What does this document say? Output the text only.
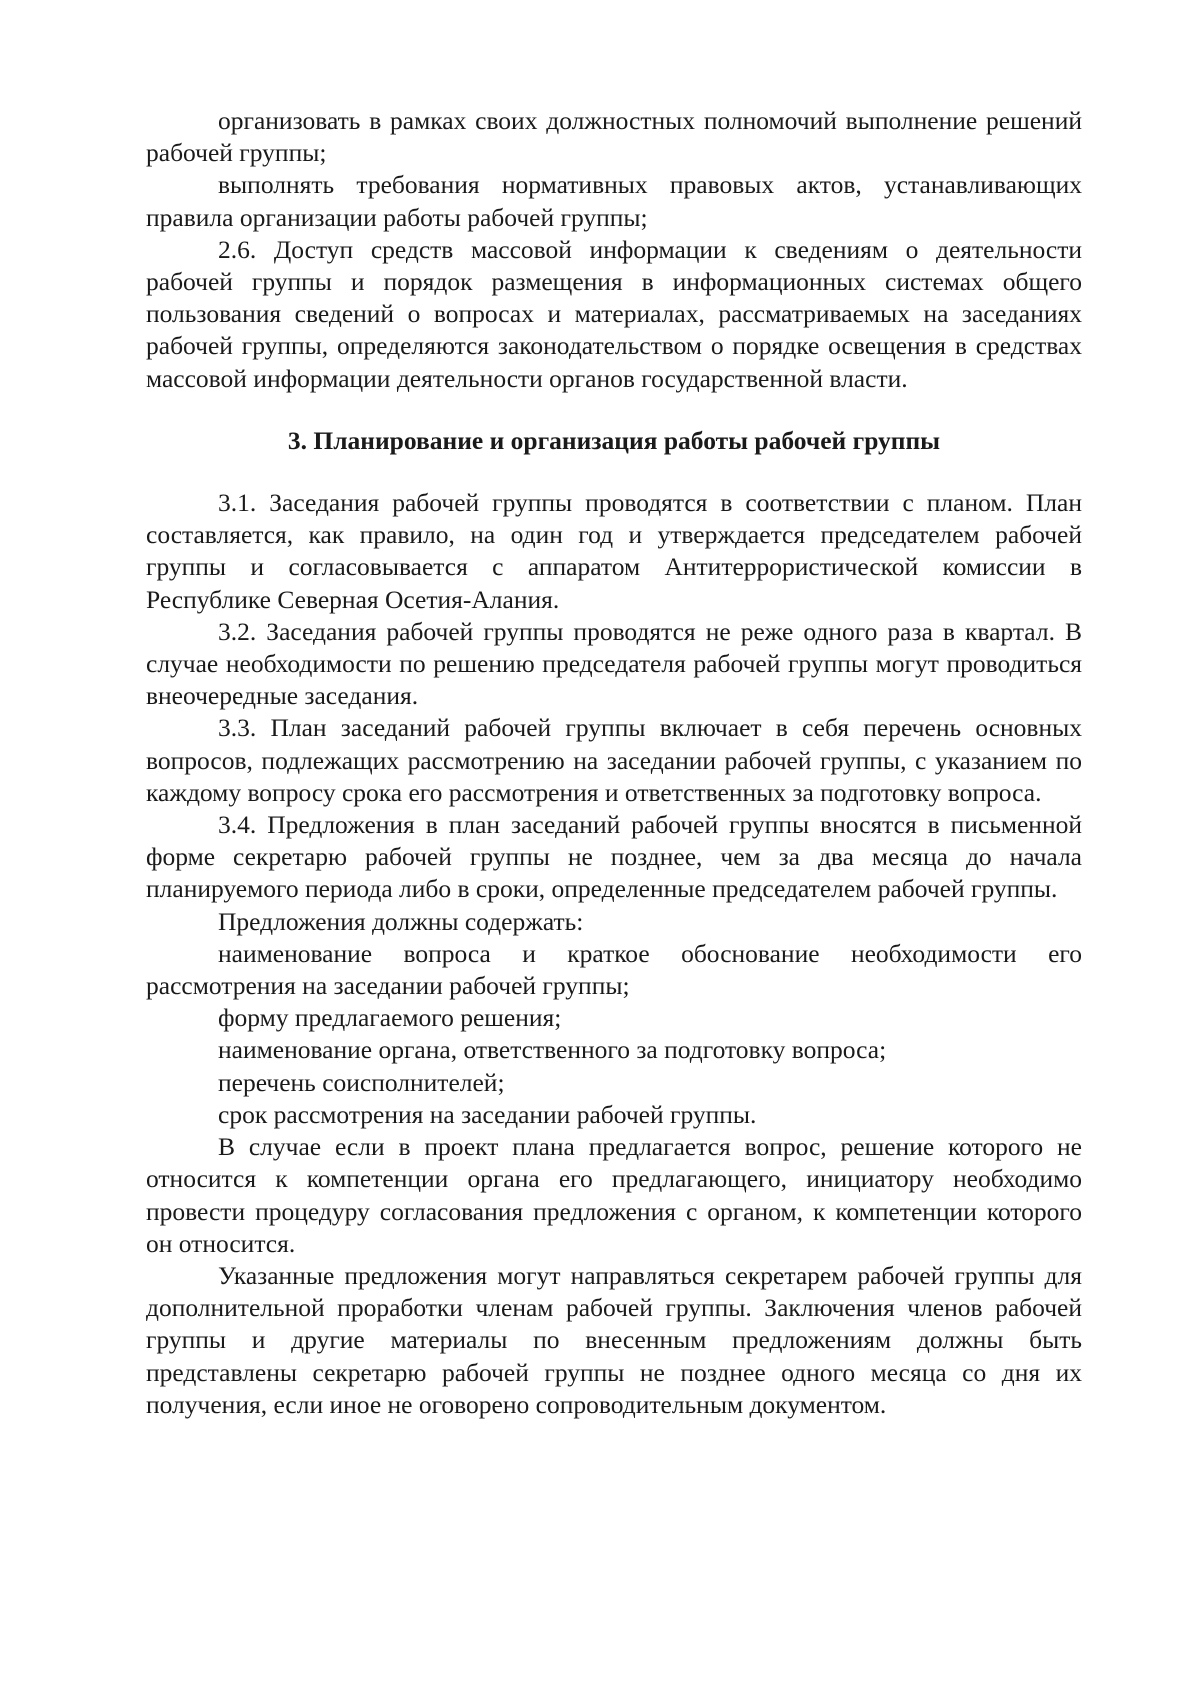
организовать в рамках своих должностных полномочий выполнение решений рабочей группы;

выполнять требования нормативных правовых актов, устанавливающих правила организации работы рабочей группы;

2.6. Доступ средств массовой информации к сведениям о деятельности рабочей группы и порядок размещения в информационных системах общего пользования сведений о вопросах и материалах, рассматриваемых на заседаниях рабочей группы, определяются законодательством о порядке освещения в средствах массовой информации деятельности органов государственной власти.

3. Планирование и организация работы рабочей группы

3.1. Заседания рабочей группы проводятся в соответствии с планом. План составляется, как правило, на один год и утверждается председателем рабочей группы и согласовывается с аппаратом Антитеррористической комиссии в Республике Северная Осетия-Алания.

3.2. Заседания рабочей группы проводятся не реже одного раза в квартал. В случае необходимости по решению председателя рабочей группы могут проводиться внеочередные заседания.

3.3. План заседаний рабочей группы включает в себя перечень основных вопросов, подлежащих рассмотрению на заседании рабочей группы, с указанием по каждому вопросу срока его рассмотрения и ответственных за подготовку вопроса.

3.4. Предложения в план заседаний рабочей группы вносятся в письменной форме секретарю рабочей группы не позднее, чем за два месяца до начала планируемого периода либо в сроки, определенные председателем рабочей группы.

Предложения должны содержать:

наименование вопроса и краткое обоснование необходимости его рассмотрения на заседании рабочей группы;

форму предлагаемого решения;

наименование органа, ответственного за подготовку вопроса;

перечень соисполнителей;

срок рассмотрения на заседании рабочей группы.

В случае если в проект плана предлагается вопрос, решение которого не относится к компетенции органа его предлагающего, инициатору необходимо провести процедуру согласования предложения с органом, к компетенции которого он относится.

Указанные предложения могут направляться секретарем рабочей группы для дополнительной проработки членам рабочей группы. Заключения членов рабочей группы и другие материалы по внесенным предложениям должны быть представлены секретарю рабочей группы не позднее одного месяца со дня их получения, если иное не оговорено сопроводительным документом.
